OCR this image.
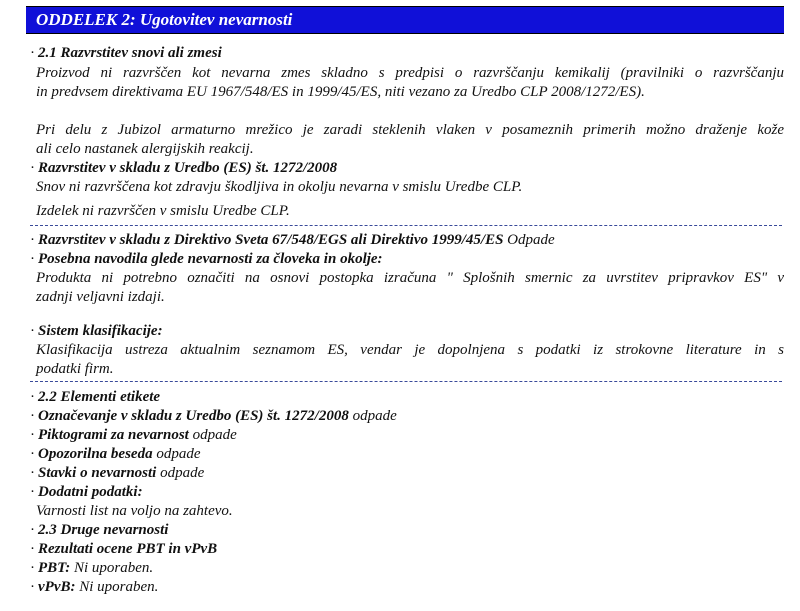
ODDELEK 2: Ugotovitev nevarnosti
· 2.1 Razvrstitev snovi ali zmesi
Proizvod ni razvrščen kot nevarna zmes skladno s predpisi o razvrščanju kemikalij (pravilniki o razvrščanju
in predvsem direktivama EU 1967/548/ES in 1999/45/ES, niti vezano za Uredbo CLP 2008/1272/ES).
Pri delu z Jubizol armaturno mrežico je zaradi steklenih vlaken v posameznih primerih možno draženje kože
ali celo nastanek alergijskih reakcij.
· Razvrstitev v skladu z Uredbo (ES) št. 1272/2008
Snov ni razvrščena kot zdravju škodljiva in okolju nevarna v smislu Uredbe CLP.
Izdelek ni razvrščen v smislu Uredbe CLP.
· Razvrstitev v skladu z Direktivo Sveta 67/548/EGS ali Direktivo 1999/45/ES Odpade
· Posebna navodila glede nevarnosti za človeka in okolje:
Produkta ni potrebno označiti na osnovi postopka izračuna " Splošnih smernic za uvrstitev pripravkov ES" v
zadnji veljavni izdaji.
· Sistem klasifikacije:
Klasifikacija ustreza aktualnim seznamom ES, vendar je dopolnjena s podatki iz strokovne literature in s
podatki firm.
· 2.2 Elementi etikete
· Označevanje v skladu z Uredbo (ES) št. 1272/2008 odpade
· Piktogrami za nevarnost odpade
· Opozorilna beseda odpade
· Stavki o nevarnosti odpade
· Dodatni podatki:
Varnosti list na voljo na zahtevo.
· 2.3 Druge nevarnosti
· Rezultati ocene PBT in vPvB
· PBT: Ni uporaben.
· vPvB: Ni uporaben.
